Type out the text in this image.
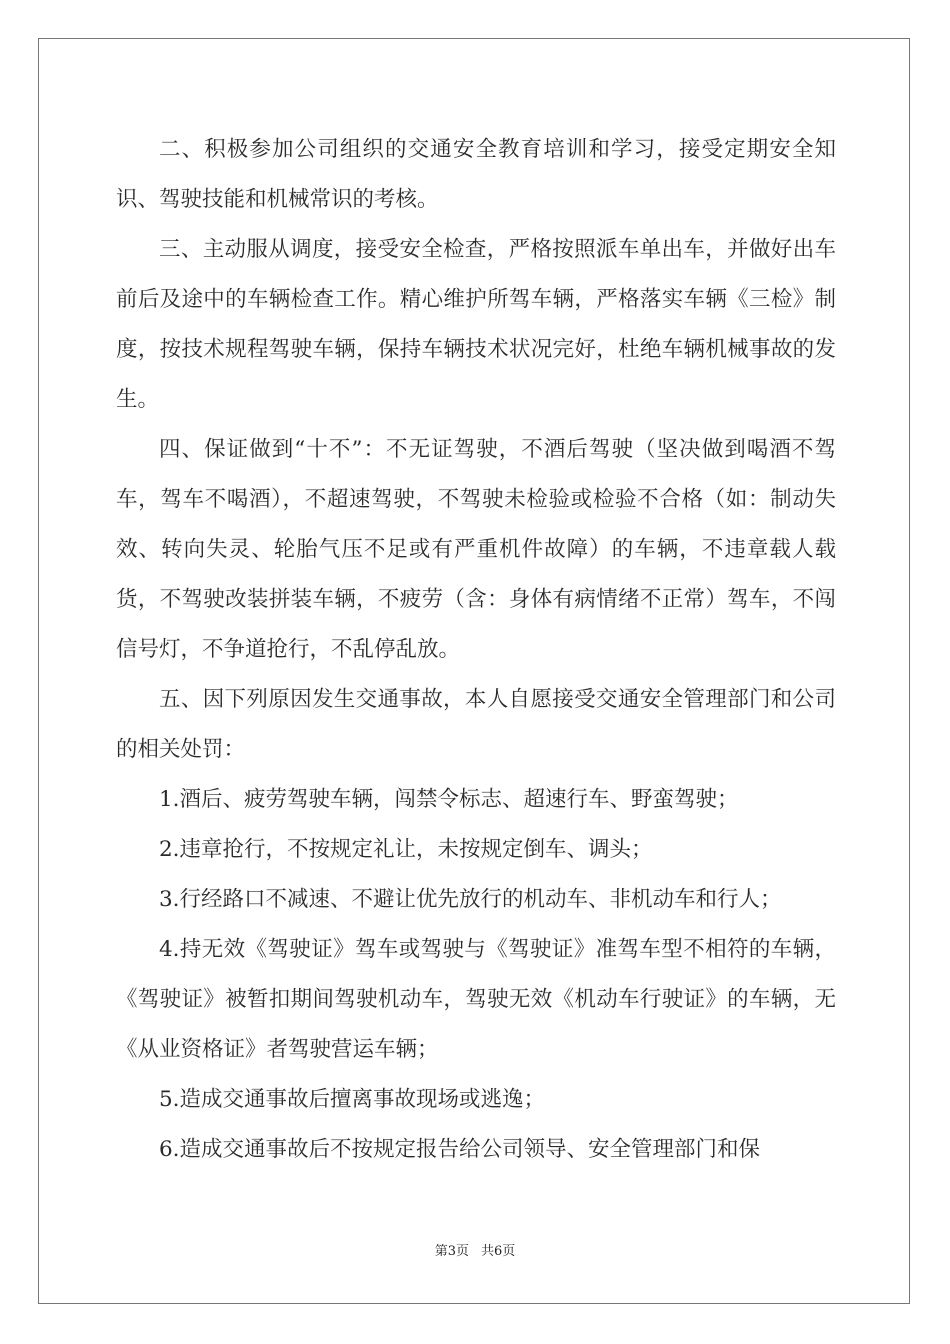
二、积极参加公司组织的交通安全教育培训和学习，接受定期安全知识、驾驶技能和机械常识的考核。

三、主动服从调度，接受安全检查，严格按照派车单出车，并做好出车前后及途中的车辆检查工作。精心维护所驾车辆，严格落实车辆《三检》制度，按技术规程驾驶车辆，保持车辆技术状况完好，杜绝车辆机械事故的发生。

四、保证做到“十不”：不无证驾驶，不酒后驾驶（坚决做到喝酒不驾车，驾车不喝酒），不超速驾驶，不驾驶未检验或检验不合格（如：制动失效、转向失灵、轮胎气压不足或有严重机件故障）的车辆，不违章载人载货，不驾驶改装拼装车辆，不疲劳（含：身体有病情绪不正常）驾车，不闯信号灯，不争道抢行，不乱停乱放。

五、因下列原因发生交通事故，本人自愿接受交通安全管理部门和公司的相关处罚：

1.酒后、疲劳驾驶车辆，闯禁令标志、超速行车、野蛮驾驶；

2.违章抢行，不按规定礼让，未按规定倒车、调头；

3.行经路口不减速、不避让优先放行的机动车、非机动车和行人；

4.持无效《驾驶证》驾车或驾驶与《驾驶证》准驾车型不相符的车辆，《驾驶证》被暂扣期间驾驶机动车，驾驶无效《机动车行驶证》的车辆，无《从业资格证》者驾驶营运车辆；

5.造成交通事故后擅离事故现场或逃逸；

6.造成交通事故后不按规定报告给公司领导、安全管理部门和保

第3页 共6页
